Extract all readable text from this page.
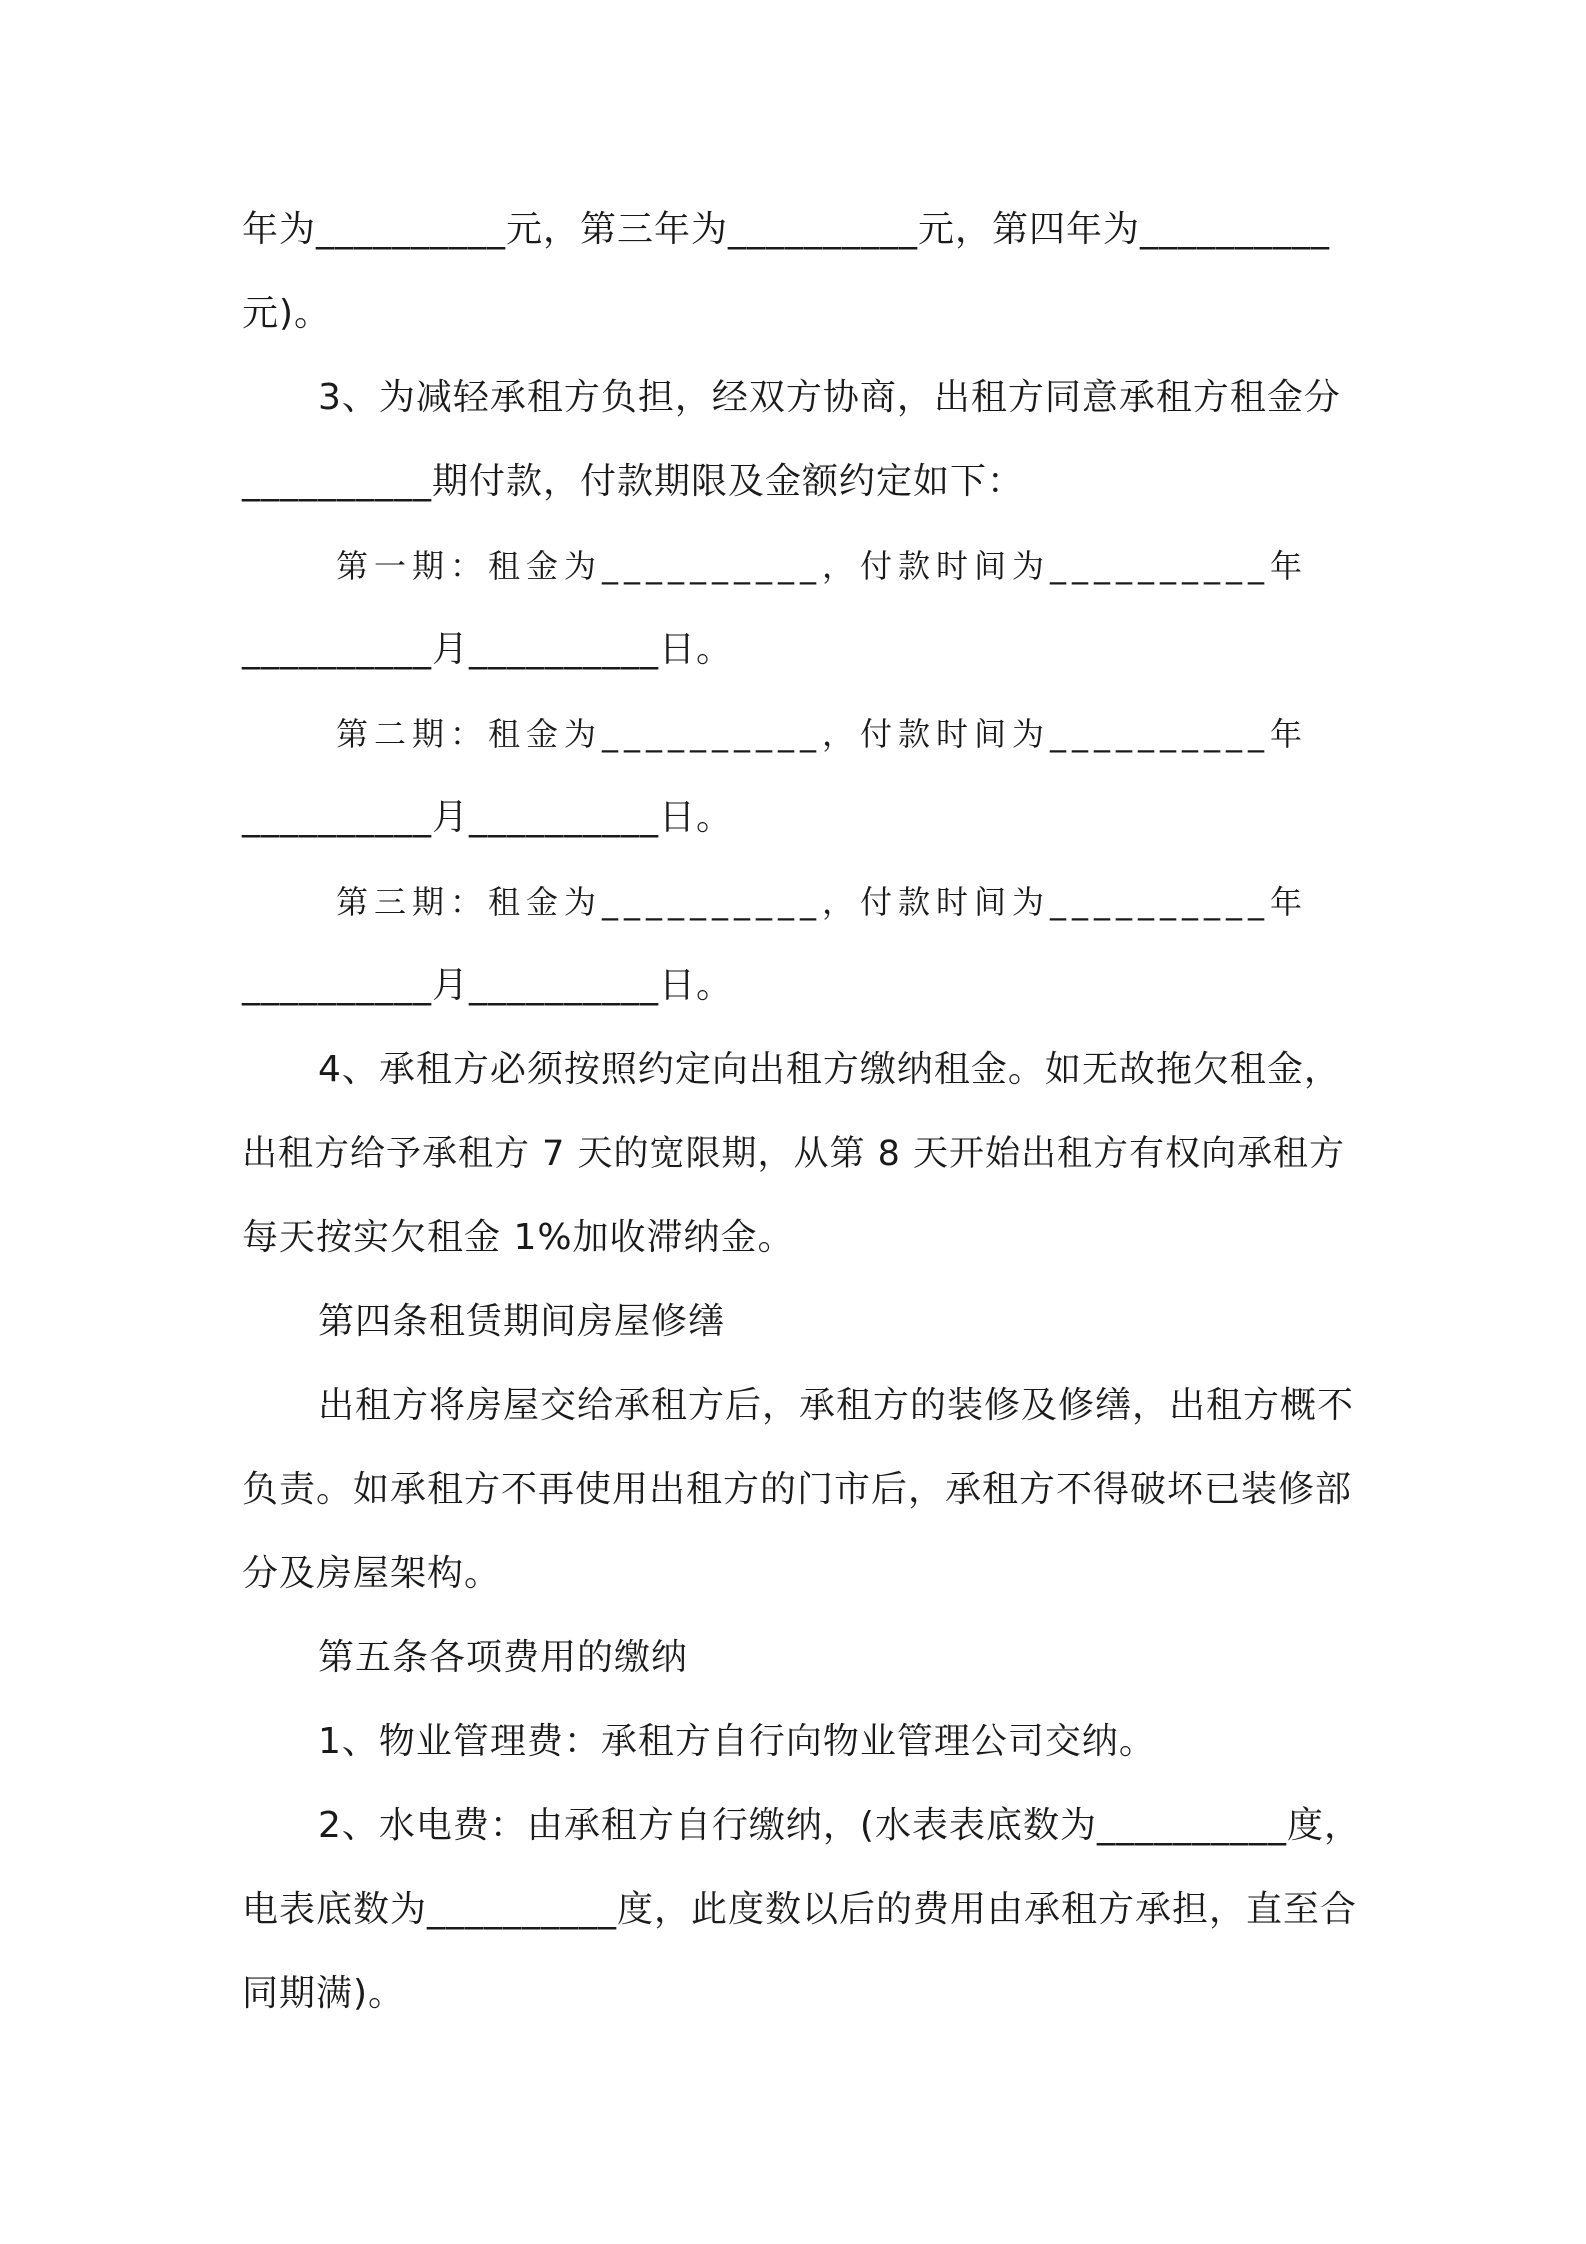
年为__________元，第三年为__________元，第四年为__________
元)。
3、为减轻承租方负担，经双方协商，出租方同意承租方租金分
__________期付款，付款期限及金额约定如下：
第一期：租金为__________，付款时间为__________年
__________月__________日。
第二期：租金为__________，付款时间为__________年
__________月__________日。
第三期：租金为__________，付款时间为__________年
__________月__________日。
4、承租方必须按照约定向出租方缴纳租金。如无故拖欠租金，
出租方给予承租方 7 天的宽限期，从第 8 天开始出租方有权向承租方
每天按实欠租金 1%加收滞纳金。
第四条租赁期间房屋修缮
出租方将房屋交给承租方后，承租方的装修及修缮，出租方概不
负责。如承租方不再使用出租方的门市后，承租方不得破坏已装修部
分及房屋架构。
第五条各项费用的缴纳
1、物业管理费：承租方自行向物业管理公司交纳。
2、水电费：由承租方自行缴纳，(水表表底数为__________度，
电表底数为__________度，此度数以后的费用由承租方承担，直至合
同期满)。
